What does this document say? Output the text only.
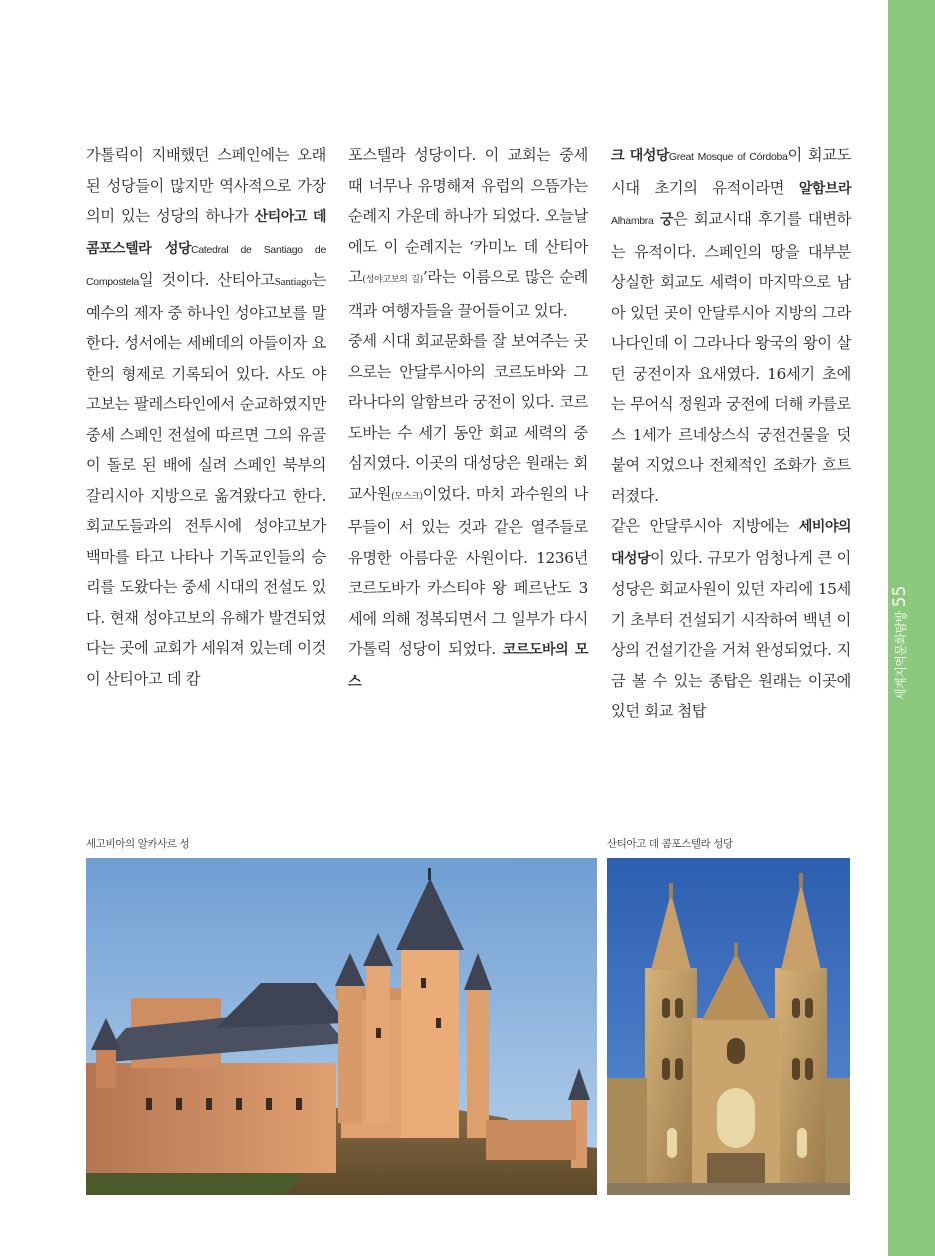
가톨릭이 지배했던 스페인에는 오래된 성당들이 많지만 역사적으로 가장 의미 있는 성당의 하나가 산티아고 데 콤포스텔라 성당Catedral de Santiago de Compostela일 것이다. 산티아고Santiago는 예수의 제자 중 하나인 성야고보를 말한다. 성서에는 세베데의 아들이자 요한의 형제로 기록되어 있다. 사도 야고보는 팔레스타인에서 순교하였지만 중세 스페인 전설에 따르면 그의 유골이 돌로 된 배에 실려 스페인 북부의 갈리시아 지방으로 옮겨왔다고 한다. 회교도들과의 전투시에 성야고보가 백마를 타고 나타나 기독교인들의 승리를 도왔다는 중세 시대의 전설도 있다. 현재 성야고보의 유해가 발견되었다는 곳에 교회가 세워져 있는데 이것이 산티아고 데 캄

포스텔라 성당이다. 이 교회는 중세 때 너무나 유명해져 유럽의 으뜸가는 순례지 가운데 하나가 되었다. 오늘날에도 이 순례지는 ‘카미노 데 산티아고(성야고보의 길)’라는 이름으로 많은 순례객과 여행자들을 끌어들이고 있다.

중세 시대 회교문화를 잘 보여주는 곳으로는 안달루시아의 코르도바와 그라나다의 알함브라 궁전이 있다. 코르도바는 수 세기 동안 회교 세력의 중심지였다. 이곳의 대성당은 원래는 회교사원(모스크)이었다. 마치 과수원의 나무들이 서 있는 것과 같은 열주들로 유명한 아름다운 사원이다. 1236년 코르도바가 카스티야 왕 페르난도 3세에 의해 정복되면서 그 일부가 다시 가톨릭 성당이 되었다. 코르도바의 모스

크 대성당Great Mosque of Córdoba이 회교도 시대 초기의 유적이라면 알함브라Alhambra 궁은 회교시대 후기를 대변하는 유적이다. 스페인의 땅을 대부분 상실한 회교도 세력이 마지막으로 남아 있던 곳이 안달루시아 지방의 그라나다인데 이 그라나다 왕국의 왕이 살던 궁전이자 요새였다. 16세기 초에는 무어식 정원과 궁전에 더해 카를로스 1세가 르네상스식 궁전건물을 덧붙여 지었으나 전체적인 조화가 흐트러졌다.

같은 안달루시아 지방에는 세비야의 대성당이 있다. 규모가 엄청나게 큰 이 성당은 회교사원이 있던 자리에 15세기 초부터 건설되기 시작하여 백년 이상의 건설기간을 거쳐 완성되었다. 지금 볼 수 있는 종탑은 원래는 이곳에 있던 회교 첨탑

세고비아의 알카사르 성	산티아고 데 콤포스텔라 성당
세계지역문화탐방55
